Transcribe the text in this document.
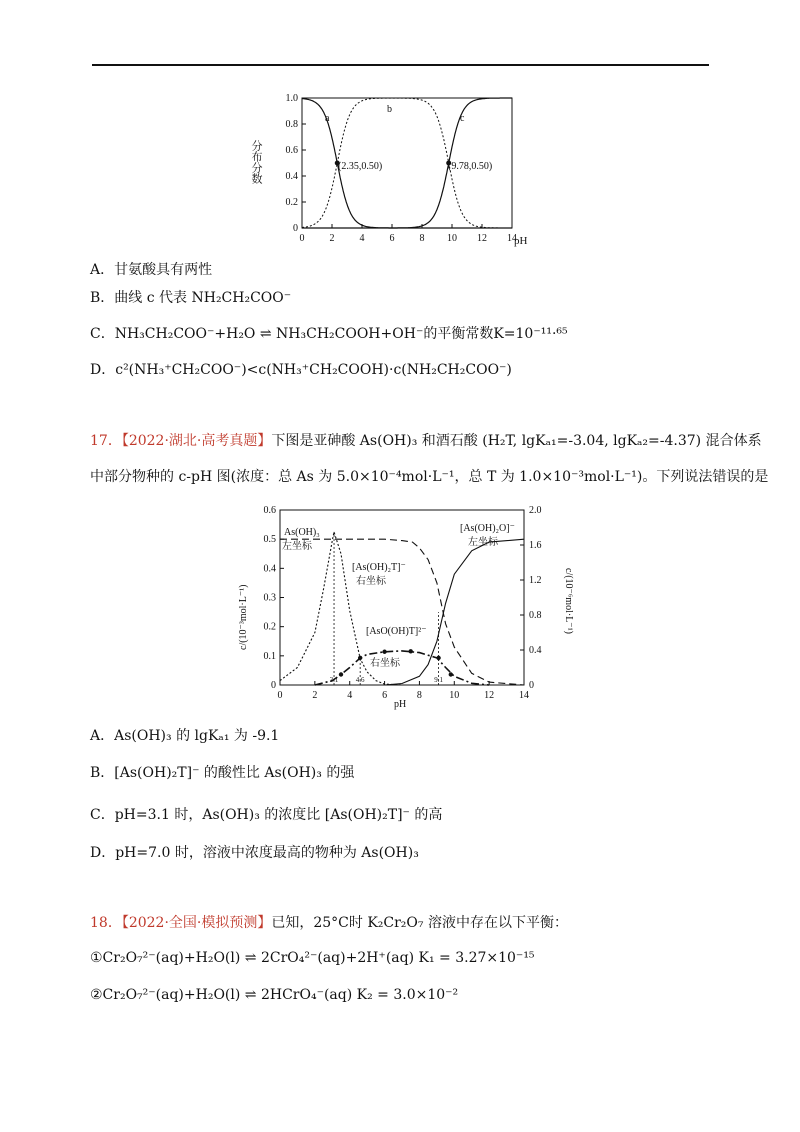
0	2	4	6	8 10 12 14
0
0.2
0.4
0.6
0.8
1.0
分布分数
pH
a
b
c
(2.35,0.50)	(9.78,0.50)
A．甘氨酸具有两性
B．曲线 c 代表 NH₂CH₂COO⁻
C．NH₃CH₂COO⁻+H₂O ⇌ NH₃CH₂COOH+OH⁻的平衡常数K=10⁻¹¹·⁶⁵
D．c²(NH₃⁺CH₂COO⁻)<c(NH₃⁺CH₂COOH)·c(NH₂CH₂COO⁻)
17．【2022·湖北·高考真题】下图是亚砷酸 As(OH)₃ 和酒石酸 (H₂T, lgKₐ₁=-3.04, lgKₐ₂=-4.37) 混合体系
中部分物种的 c-pH 图(浓度：总 As 为 5.0×10⁻⁴mol·L⁻¹，总 T 为 1.0×10⁻³mol·L⁻¹)。下列说法错误的是
0	2	4	6	8	10 12 14
3.1 4.6	9.1
0
0.1
0.2
0.3
0.4
0.5
0.6
0
0.4
0.8
1.2
1.6
2.0
c/(10⁻³mol·L⁻¹)	c/(10⁻⁶mol·L⁻¹)
pH
As(OH)₃
左坐标
[As(OH)₂O]⁻
左坐标
[As(OH)₂T]⁻
右坐标
[AsO(OH)T]²⁻
右坐标
A．As(OH)₃ 的 lgKₐ₁ 为 -9.1
B．[As(OH)₂T]⁻ 的酸性比 As(OH)₃ 的强
C．pH=3.1 时，As(OH)₃ 的浓度比 [As(OH)₂T]⁻ 的高
D．pH=7.0 时，溶液中浓度最高的物种为 As(OH)₃
18．【2022·全国·模拟预测】已知，25°C时 K₂Cr₂O₇ 溶液中存在以下平衡：
①Cr₂O₇²⁻(aq)+H₂O(l) ⇌ 2CrO₄²⁻(aq)+2H⁺(aq) K₁ = 3.27×10⁻¹⁵
②Cr₂O₇²⁻(aq)+H₂O(l) ⇌ 2HCrO₄⁻(aq) K₂ = 3.0×10⁻²
